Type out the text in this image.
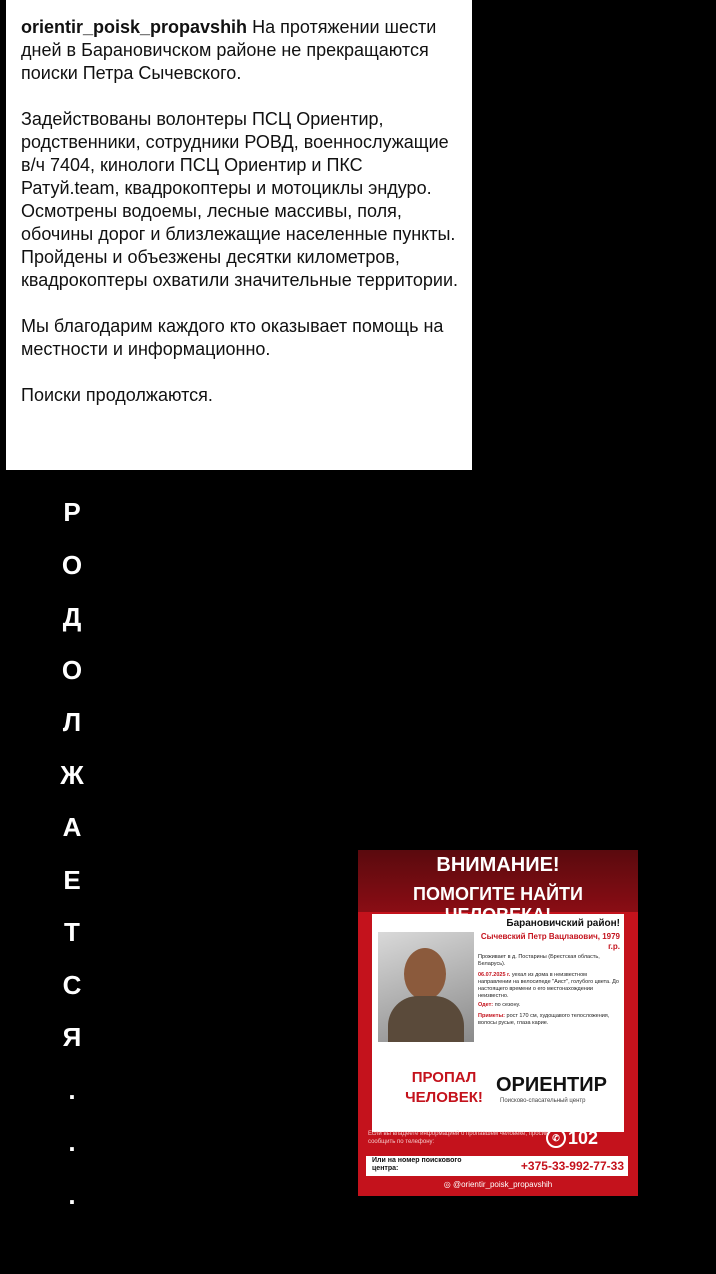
orientir_poisk_propavshih На протяжении шести дней в Барановичском районе не прекращаются поиски Петра Сычевского.

Задействованы волонтеры ПСЦ Ориентир, родственники, сотрудники РОВД, военнослужащие в/ч 7404, кинологи ПСЦ Ориентир и ПКС Ратуй.team, квадрокоптеры и мотоциклы эндуро. Осмотрены водоемы, лесные массивы, поля, обочины дорог и близлежащие населенные пункты. Пройдены и объезжены десятки километров, квадрокоптеры охватили значительные территории.

Мы благодарим каждого кто оказывает помощь на местности и информационно.

Поиски продолжаются.

Р
О
Д
О
Л
Ж
А
Е
Т
С
Я
.
.
.
ВНИМАНИЕ!
ПОМОГИТЕ НАЙТИ
Барановичский район!
Сычевский Петр Вацлавович, 1979 г.р.
Проживает в д. Постарины (Брестская область, Беларусь).
06.07.2025 г. уехал из дома в неизвестном направлении на велосипеде "Аист", голубого цвета. До настоящего времени о его местонахождении неизвестно.
Одет: по сезону.
Приметы: рост 170 см, худощавого телосложения, волосы русые, глаза карие.
ПРОПАЛ
ЧЕЛОВЕК!
ОРИЕНТИР
Поисково-спасательный центр
Если вы владеете информацией о пропавшем человеке, просим сообщить по телефону:	✆ 102
Или на номер поискового центра:	+375-33-992-77-33
◎ @orientir_poisk_propavshih
